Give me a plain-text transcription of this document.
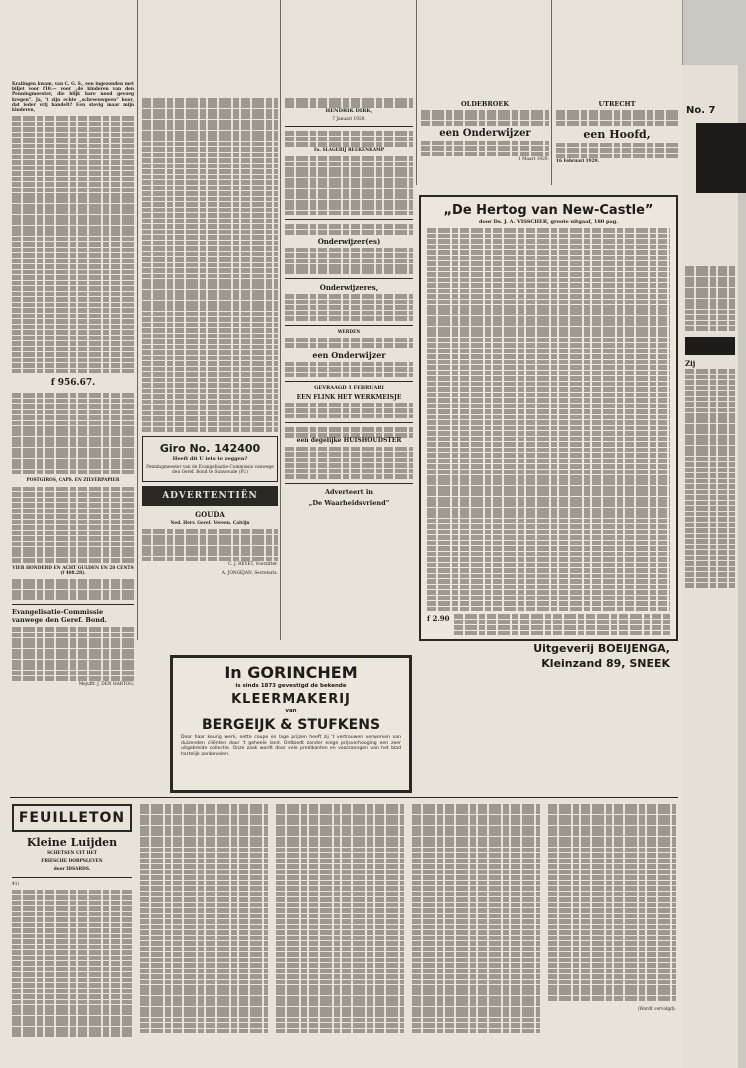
Kralingen kwam, van C. G. S., een ingezonden met biljet voor f10.— voor „de kinderen van den Penningmeester, die blijk hare nood gevoeg kregen”. Ja, 't zijn echte „schreeuwgeen” hoor, dat ieder vrij handelt? Een stevig maar mijn kinderen,

f 956.67.
POSTGIROS, CAPS. EN ZILVERPAPIER
VIER HONDERD EN ACHT GULDEN EN 28 CENTS (f 408.28).
Evangelisatie-Commissie vanwege den Geref. Bond.
Mejuffr. J. DEN HARTOG,
Giro No. 142400
Heeft dit U iets te zeggen?
Penningmeester van de Evangelisatie-Commissie vanwege den Geref. Bond te Sunwoude (Fr.)
ADVERTENTIËN
GOUDA
Ned. Herv. Geref. Vereen. Calvijn
C. J. REYET, Voorzitter.
A. JONGEJAN, Secretaris.
HENDRIK DIRK,
7 Januari 1929.
Fa. SLAGERIJ BEEKENKAMP
Onderwijzer(es)
Onderwijzeres,
WERDEN
een Onderwijzer
GEVRAAGD 1 FEBRUARI
EEN FLINK HET WERKMEISJE
een degelijke HUISHOUDSTER
Adverteert in
„De Waarheidsvriend”
OLDEBROEK
een Onderwijzer
1 Maart 1929.
UTRECHT
een Hoofd,
16 Februari 1929.
„De Hertog van New-Castle”
door Ds. J. A. VISSCHER, groote uitgaaf, 180 pag.
f 2.90
Uitgeverij BOEIJENGA,
Kleinzand 89, SNEEK
In GORINCHEM
is sinds 1873 gevestigd de bekende
KLEERMAKERIJ
van
BERGEIJK & STUFKENS
Door haar keurig werk, nette coupe en lage prijzen heeft zij 't vertrouwen verworven van duizenden cliënten door 't geheele land. Ontbiedt zonder enige prijsverhooging een zeer uitgebreide collectie. Onze zaak wordt door vele predikanten en voorzanngen van het blad hartelijk aanbevolen.
FEUILLETON
Kleine Luijden
SCHETSEN UIT HET
FRIESCHE DORPSLEVEN
door IDSARDS.
41)
(Wordt vervolgd).
No. 7
Zij
